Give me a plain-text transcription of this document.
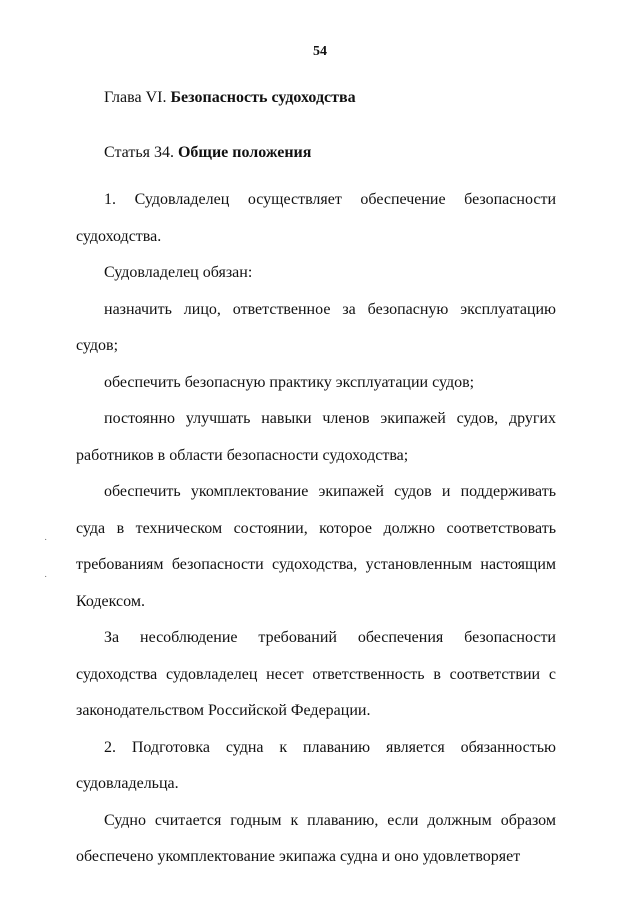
54
Глава VI. Безопасность судоходства
Статья 34. Общие положения

1. Судовладелец осуществляет обеспечение безопасности судоходства.

Судовладелец обязан:

назначить лицо, ответственное за безопасную эксплуатацию судов;

обеспечить безопасную практику эксплуатации судов;

постоянно улучшать навыки членов экипажей судов, других работников в области безопасности судоходства;

обеспечить укомплектование экипажей судов и поддерживать суда в техническом состоянии, которое должно соответствовать требованиям безопасности судоходства, установленным настоящим Кодексом.

За несоблюдение требований обеспечения безопасности судоходства судовладелец несет ответственность в соответствии с законодательством Российской Федерации.

2. Подготовка судна к плаванию является обязанностью судовладельца.

Судно считается годным к плаванию, если должным образом обеспечено укомплектование экипажа судна и оно удовлетворяет

˙
˙
